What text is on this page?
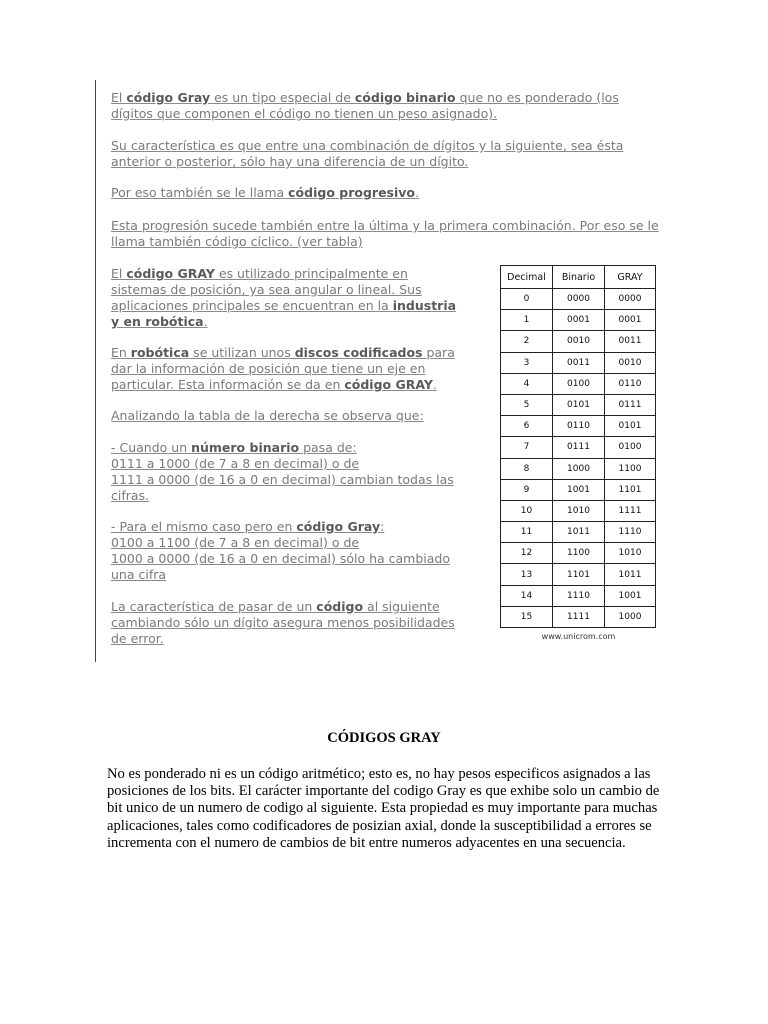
El código Gray es un tipo especial de código binario que no es ponderado (los dígitos que componen el código no tienen un peso asignado).

Su característica es que entre una combinación de dígitos y la siguiente, sea ésta anterior o posterior, sólo hay una diferencia de un dígito.

Por eso también se le llama código progresivo.

Esta progresión sucede también entre la última y la primera combinación. Por eso se le llama también código cíclico. (ver tabla)

El código GRAY es utilizado principalmente en sistemas de posición, ya sea angular o lineal. Sus aplicaciones principales se encuentran en la industria y en robótica.

En robótica se utilizan unos discos codificados para dar la información de posición que tiene un eje en particular. Esta información se da en código GRAY.

Analizando la tabla de la derecha se observa que:

- Cuando un número binario pasa de:
0111 a 1000 (de 7 a 8 en decimal) o de
1111 a 0000 (de 16 a 0 en decimal) cambian todas las cifras.

- Para el mismo caso pero en código Gray:
0100 a 1100 (de 7 a 8 en decimal) o de
1000 a 0000 (de 16 a 0 en decimal) sólo ha cambiado una cifra

La característica de pasar de un código al siguiente cambiando sólo un dígito asegura menos posibilidades de error.

Decimal	Binario	GRAY
0	0000	0000
1	0001	0001
2	0010	0011
3	0011	0010
4	0100	0110
5	0101	0111
6	0110	0101
7	0111	0100
8	1000	1100
9	1001	1101
10	1010	1111
11	1011	1110
12	1100	1010
13	1101	1011
14	1110	1001
15	1111	1000
www.unicrom.com
CÓDIGOS GRAY

No es ponderado ni es un código aritmético; esto es, no hay pesos especificos asignados a las posiciones de los bits. El carácter importante del codigo Gray es que exhibe solo un cambio de bit unico de un numero de codigo al siguiente. Esta propiedad es muy importante para muchas aplicaciones, tales como codificadores de posizian axial, donde la susceptibilidad a errores se incrementa con el numero de cambios de bit entre numeros adyacentes en una secuencia.
